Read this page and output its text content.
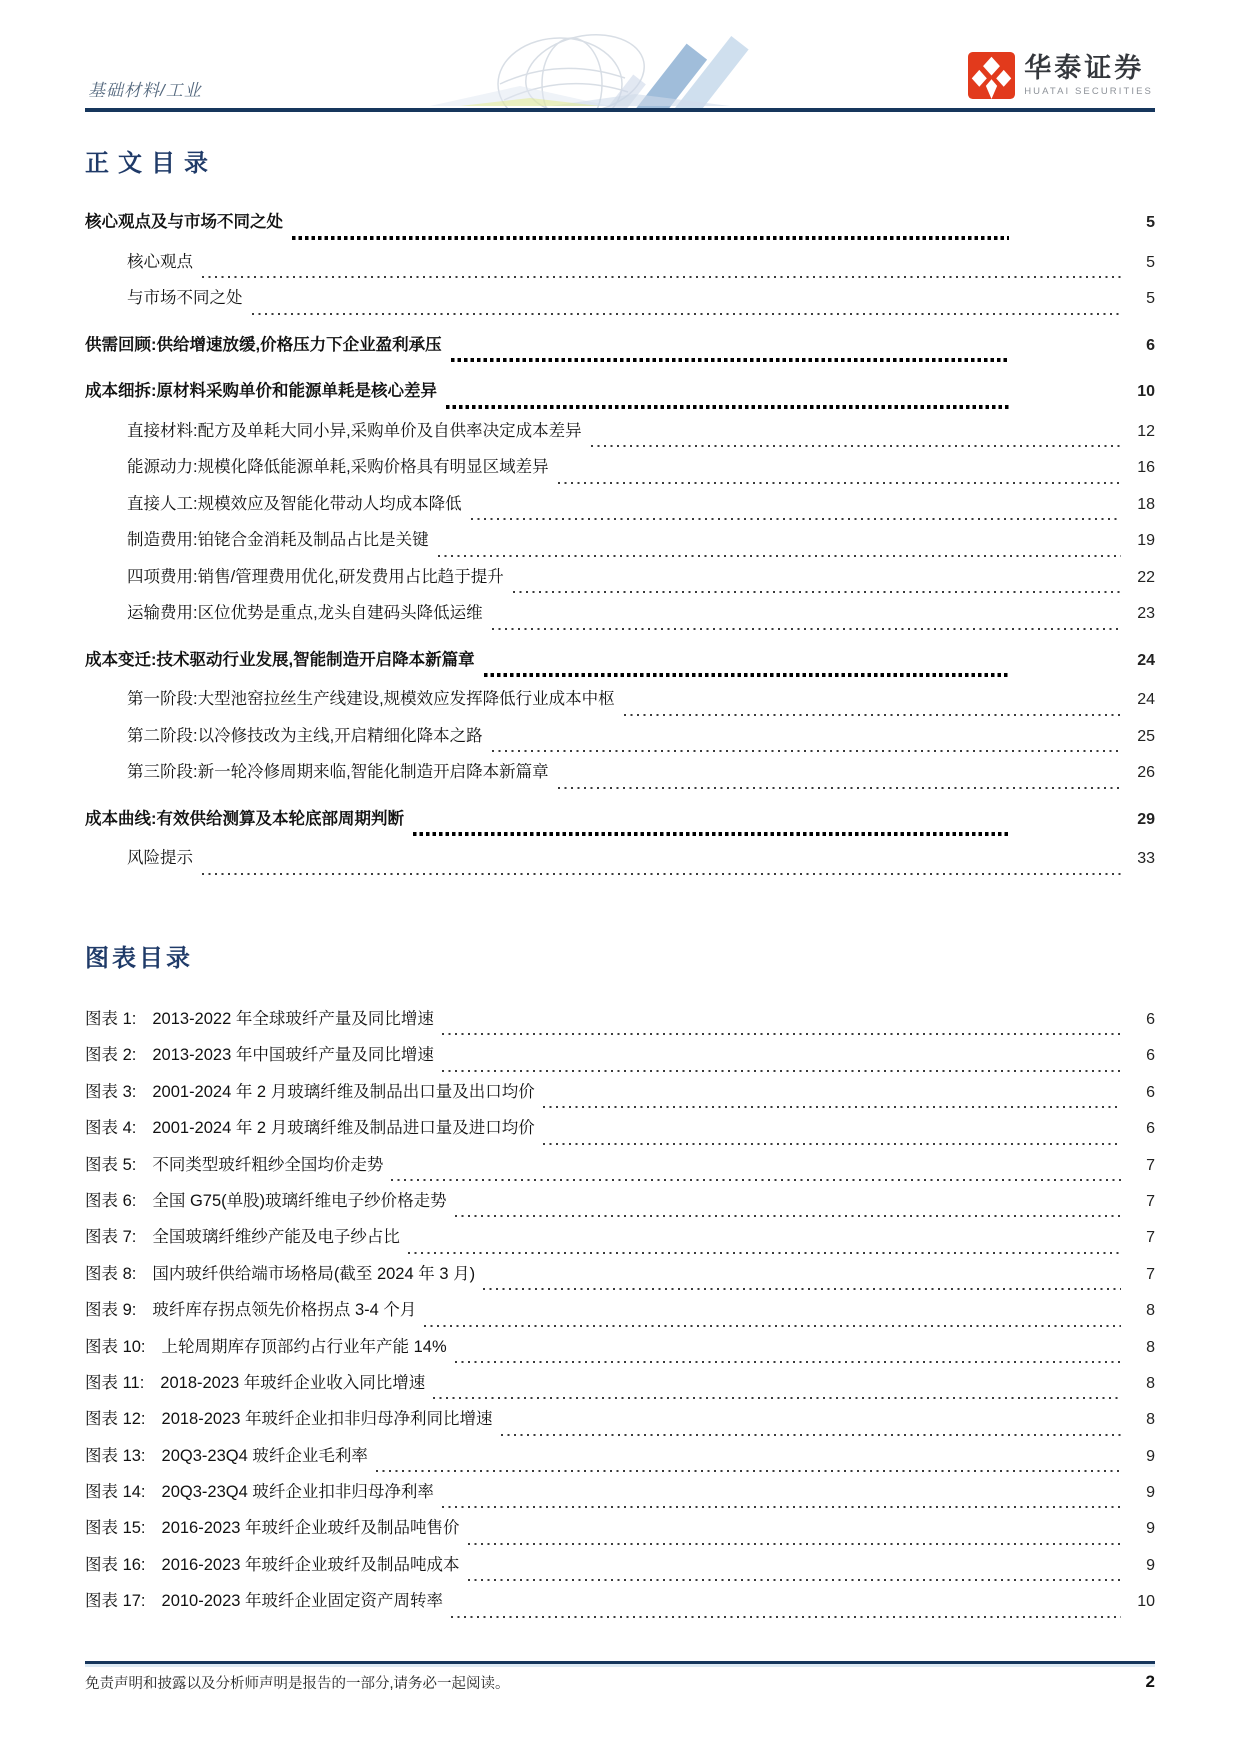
基础材料/工业
华泰证券
HUATAI SECURITIES
正文目录
核心观点及与市场不同之处	5
核心观点	5
与市场不同之处	5
供需回顾:供给增速放缓,价格压力下企业盈利承压	6
成本细拆:原材料采购单价和能源单耗是核心差异	10
直接材料:配方及单耗大同小异,采购单价及自供率决定成本差异	12
能源动力:规模化降低能源单耗,采购价格具有明显区域差异	16
直接人工:规模效应及智能化带动人均成本降低	18
制造费用:铂铑合金消耗及制品占比是关键	19
四项费用:销售/管理费用优化,研发费用占比趋于提升	22
运输费用:区位优势是重点,龙头自建码头降低运维	23
成本变迁:技术驱动行业发展,智能制造开启降本新篇章	24
第一阶段:大型池窑拉丝生产线建设,规模效应发挥降低行业成本中枢	24
第二阶段:以冷修技改为主线,开启精细化降本之路	25
第三阶段:新一轮冷修周期来临,智能化制造开启降本新篇章	26
成本曲线:有效供给测算及本轮底部周期判断	29
风险提示	33
图表目录
图表 1: 2013-2022 年全球玻纤产量及同比增速	6
图表 2: 2013-2023 年中国玻纤产量及同比增速	6
图表 3: 2001-2024 年 2 月玻璃纤维及制品出口量及出口均价	6
图表 4: 2001-2024 年 2 月玻璃纤维及制品进口量及进口均价	6
图表 5: 不同类型玻纤粗纱全国均价走势	7
图表 6: 全国 G75(单股)玻璃纤维电子纱价格走势	7
图表 7: 全国玻璃纤维纱产能及电子纱占比	7
图表 8: 国内玻纤供给端市场格局(截至 2024 年 3 月)	7
图表 9: 玻纤库存拐点领先价格拐点 3-4 个月	8
图表 10: 上轮周期库存顶部约占行业年产能 14%	8
图表 11: 2018-2023 年玻纤企业收入同比增速	8
图表 12: 2018-2023 年玻纤企业扣非归母净利同比增速	8
图表 13: 20Q3-23Q4 玻纤企业毛利率	9
图表 14: 20Q3-23Q4 玻纤企业扣非归母净利率	9
图表 15: 2016-2023 年玻纤企业玻纤及制品吨售价	9
图表 16: 2016-2023 年玻纤企业玻纤及制品吨成本	9
图表 17: 2010-2023 年玻纤企业固定资产周转率	10
免责声明和披露以及分析师声明是报告的一部分,请务必一起阅读。	2
